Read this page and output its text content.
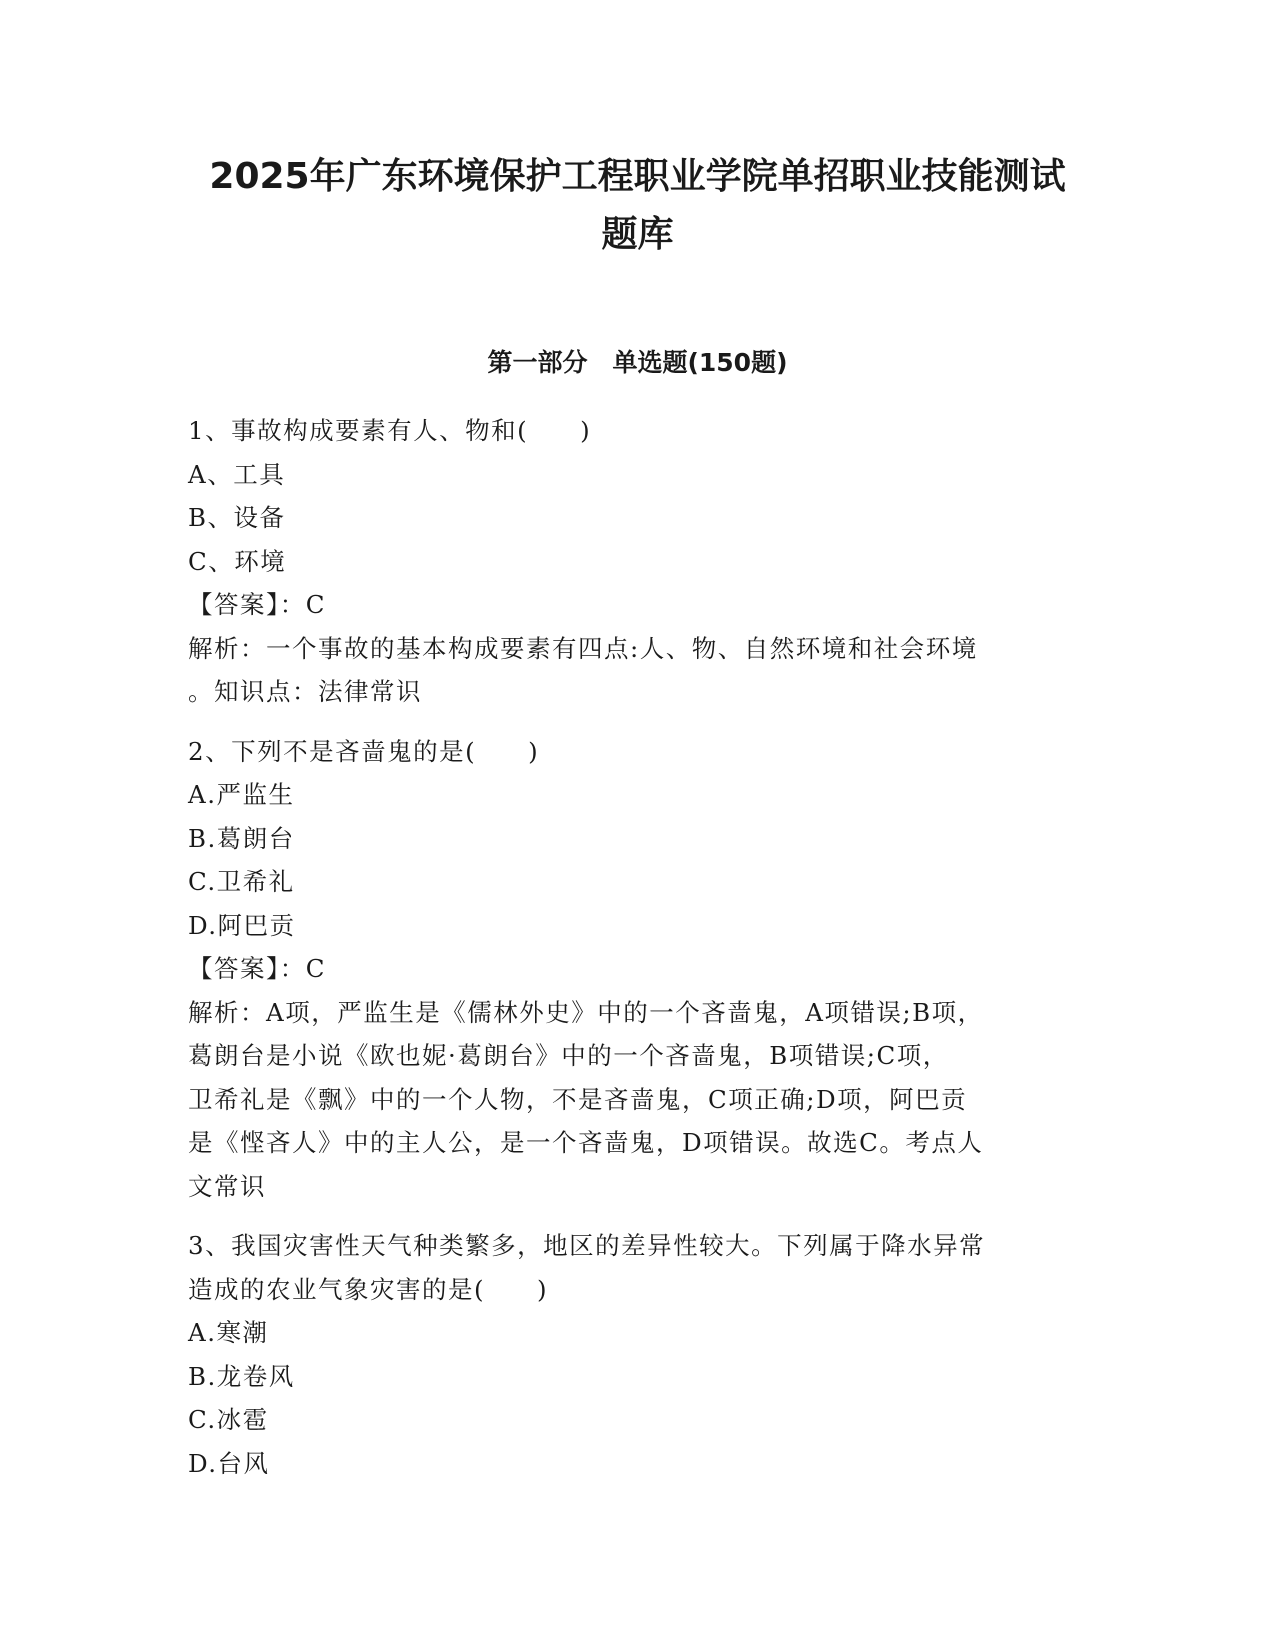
2025年广东环境保护工程职业学院单招职业技能测试
题库
第一部分　单选题(150题)
1、事故构成要素有人、物和(　　)
A、工具
B、设备
C、环境
【答案】：C
解析：一个事故的基本构成要素有四点:人、物、自然环境和社会环境
。知识点：法律常识
2、下列不是吝啬鬼的是(　　)
A.严监生
B.葛朗台
C.卫希礼
D.阿巴贡
【答案】：C
解析：A项，严监生是《儒林外史》中的一个吝啬鬼，A项错误;B项，
葛朗台是小说《欧也妮·葛朗台》中的一个吝啬鬼，B项错误;C项，
卫希礼是《飘》中的一个人物，不是吝啬鬼，C项正确;D项，阿巴贡
是《悭吝人》中的主人公，是一个吝啬鬼，D项错误。故选C。考点人
文常识
3、我国灾害性天气种类繁多，地区的差异性较大。下列属于降水异常
造成的农业气象灾害的是(　　)
A.寒潮
B.龙卷风
C.冰雹
D.台风
